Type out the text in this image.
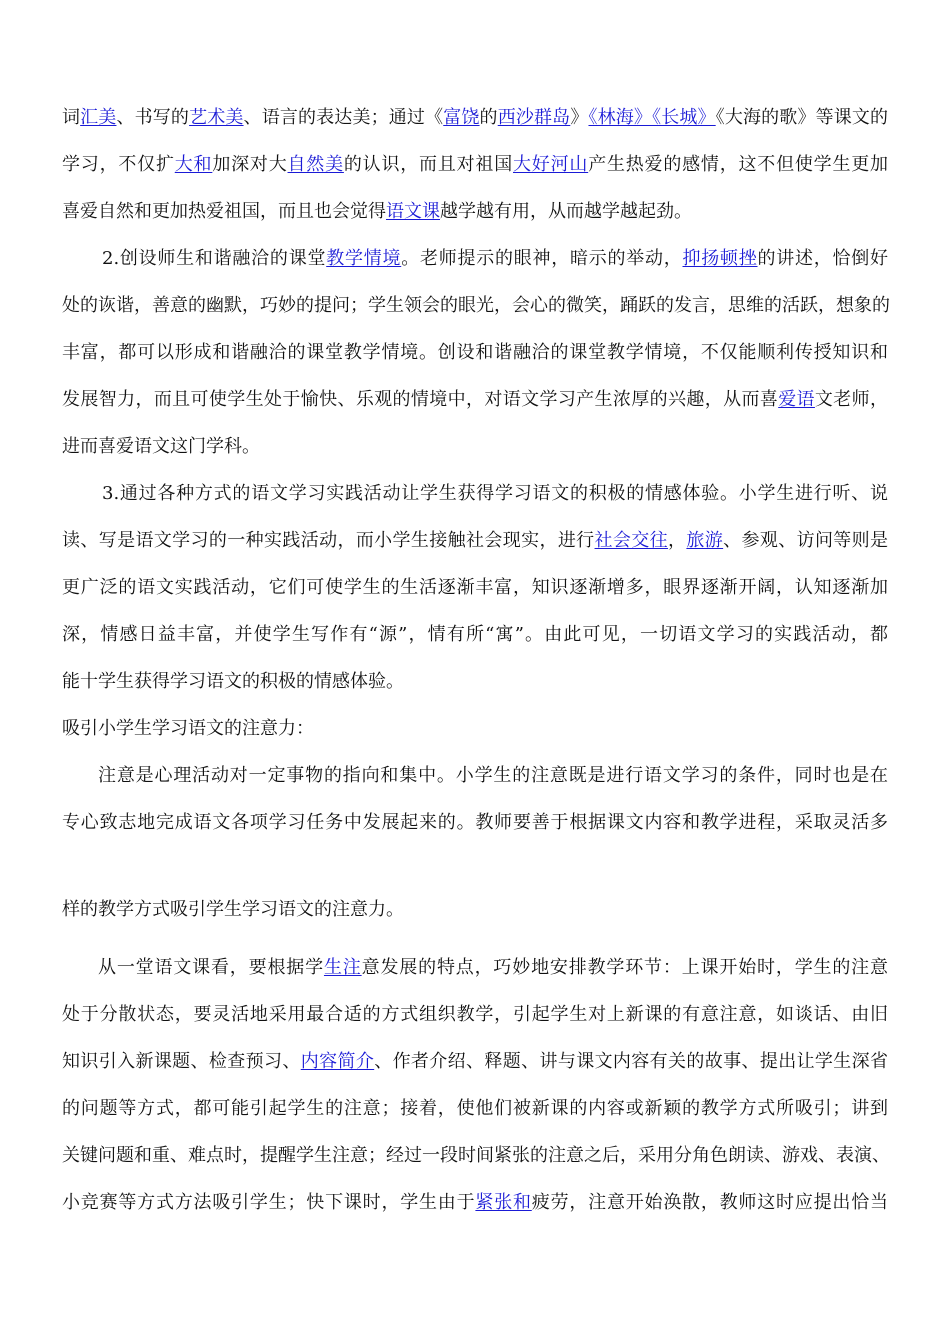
词汇美、书写的艺术美、语言的表达美；通过《富饶的西沙群岛》《林海》《长城》《大海的歌》等课文的
学习，不仅扩大和加深对大自然美的认识，而且对祖国大好河山产生热爱的感情，这不但使学生更加
喜爱自然和更加热爱祖国，而且也会觉得语文课越学越有用，从而越学越起劲。
2.创设师生和谐融洽的课堂教学情境。老师提示的眼神，暗示的举动，抑扬顿挫的讲述，恰倒好
处的诙谐，善意的幽默，巧妙的提问；学生领会的眼光，会心的微笑，踊跃的发言，思维的活跃，想象的
丰富，都可以形成和谐融洽的课堂教学情境。创设和谐融洽的课堂教学情境，不仅能顺利传授知识和
发展智力，而且可使学生处于愉快、乐观的情境中，对语文学习产生浓厚的兴趣，从而喜爱语文老师，
进而喜爱语文这门学科。
3.通过各种方式的语文学习实践活动让学生获得学习语文的积极的情感体验。小学生进行听、说
读、写是语文学习的一种实践活动，而小学生接触社会现实，进行社会交往，旅游、参观、访问等则是
更广泛的语文实践活动，它们可使学生的生活逐渐丰富，知识逐渐增多，眼界逐渐开阔，认知逐渐加
深，情感日益丰富，并使学生写作有“源”，情有所“寓”。由此可见，一切语文学习的实践活动，都
能十学生获得学习语文的积极的情感体验。
吸引小学生学习语文的注意力：
注意是心理活动对一定事物的指向和集中。小学生的注意既是进行语文学习的条件，同时也是在
专心致志地完成语文各项学习任务中发展起来的。教师要善于根据课文内容和教学进程，采取灵活多
样的教学方式吸引学生学习语文的注意力。
从一堂语文课看，要根据学生注意发展的特点，巧妙地安排教学环节：上课开始时，学生的注意
处于分散状态，要灵活地采用最合适的方式组织教学，引起学生对上新课的有意注意，如谈话、由旧
知识引入新课题、检查预习、内容简介、作者介绍、释题、讲与课文内容有关的故事、提出让学生深省
的问题等方式，都可能引起学生的注意；接着，使他们被新课的内容或新颖的教学方式所吸引；讲到
关键问题和重、难点时，提醒学生注意；经过一段时间紧张的注意之后，采用分角色朗读、游戏、表演、
小竞赛等方式方法吸引学生；快下课时，学生由于紧张和疲劳，注意开始涣散，教师这时应提出恰当
